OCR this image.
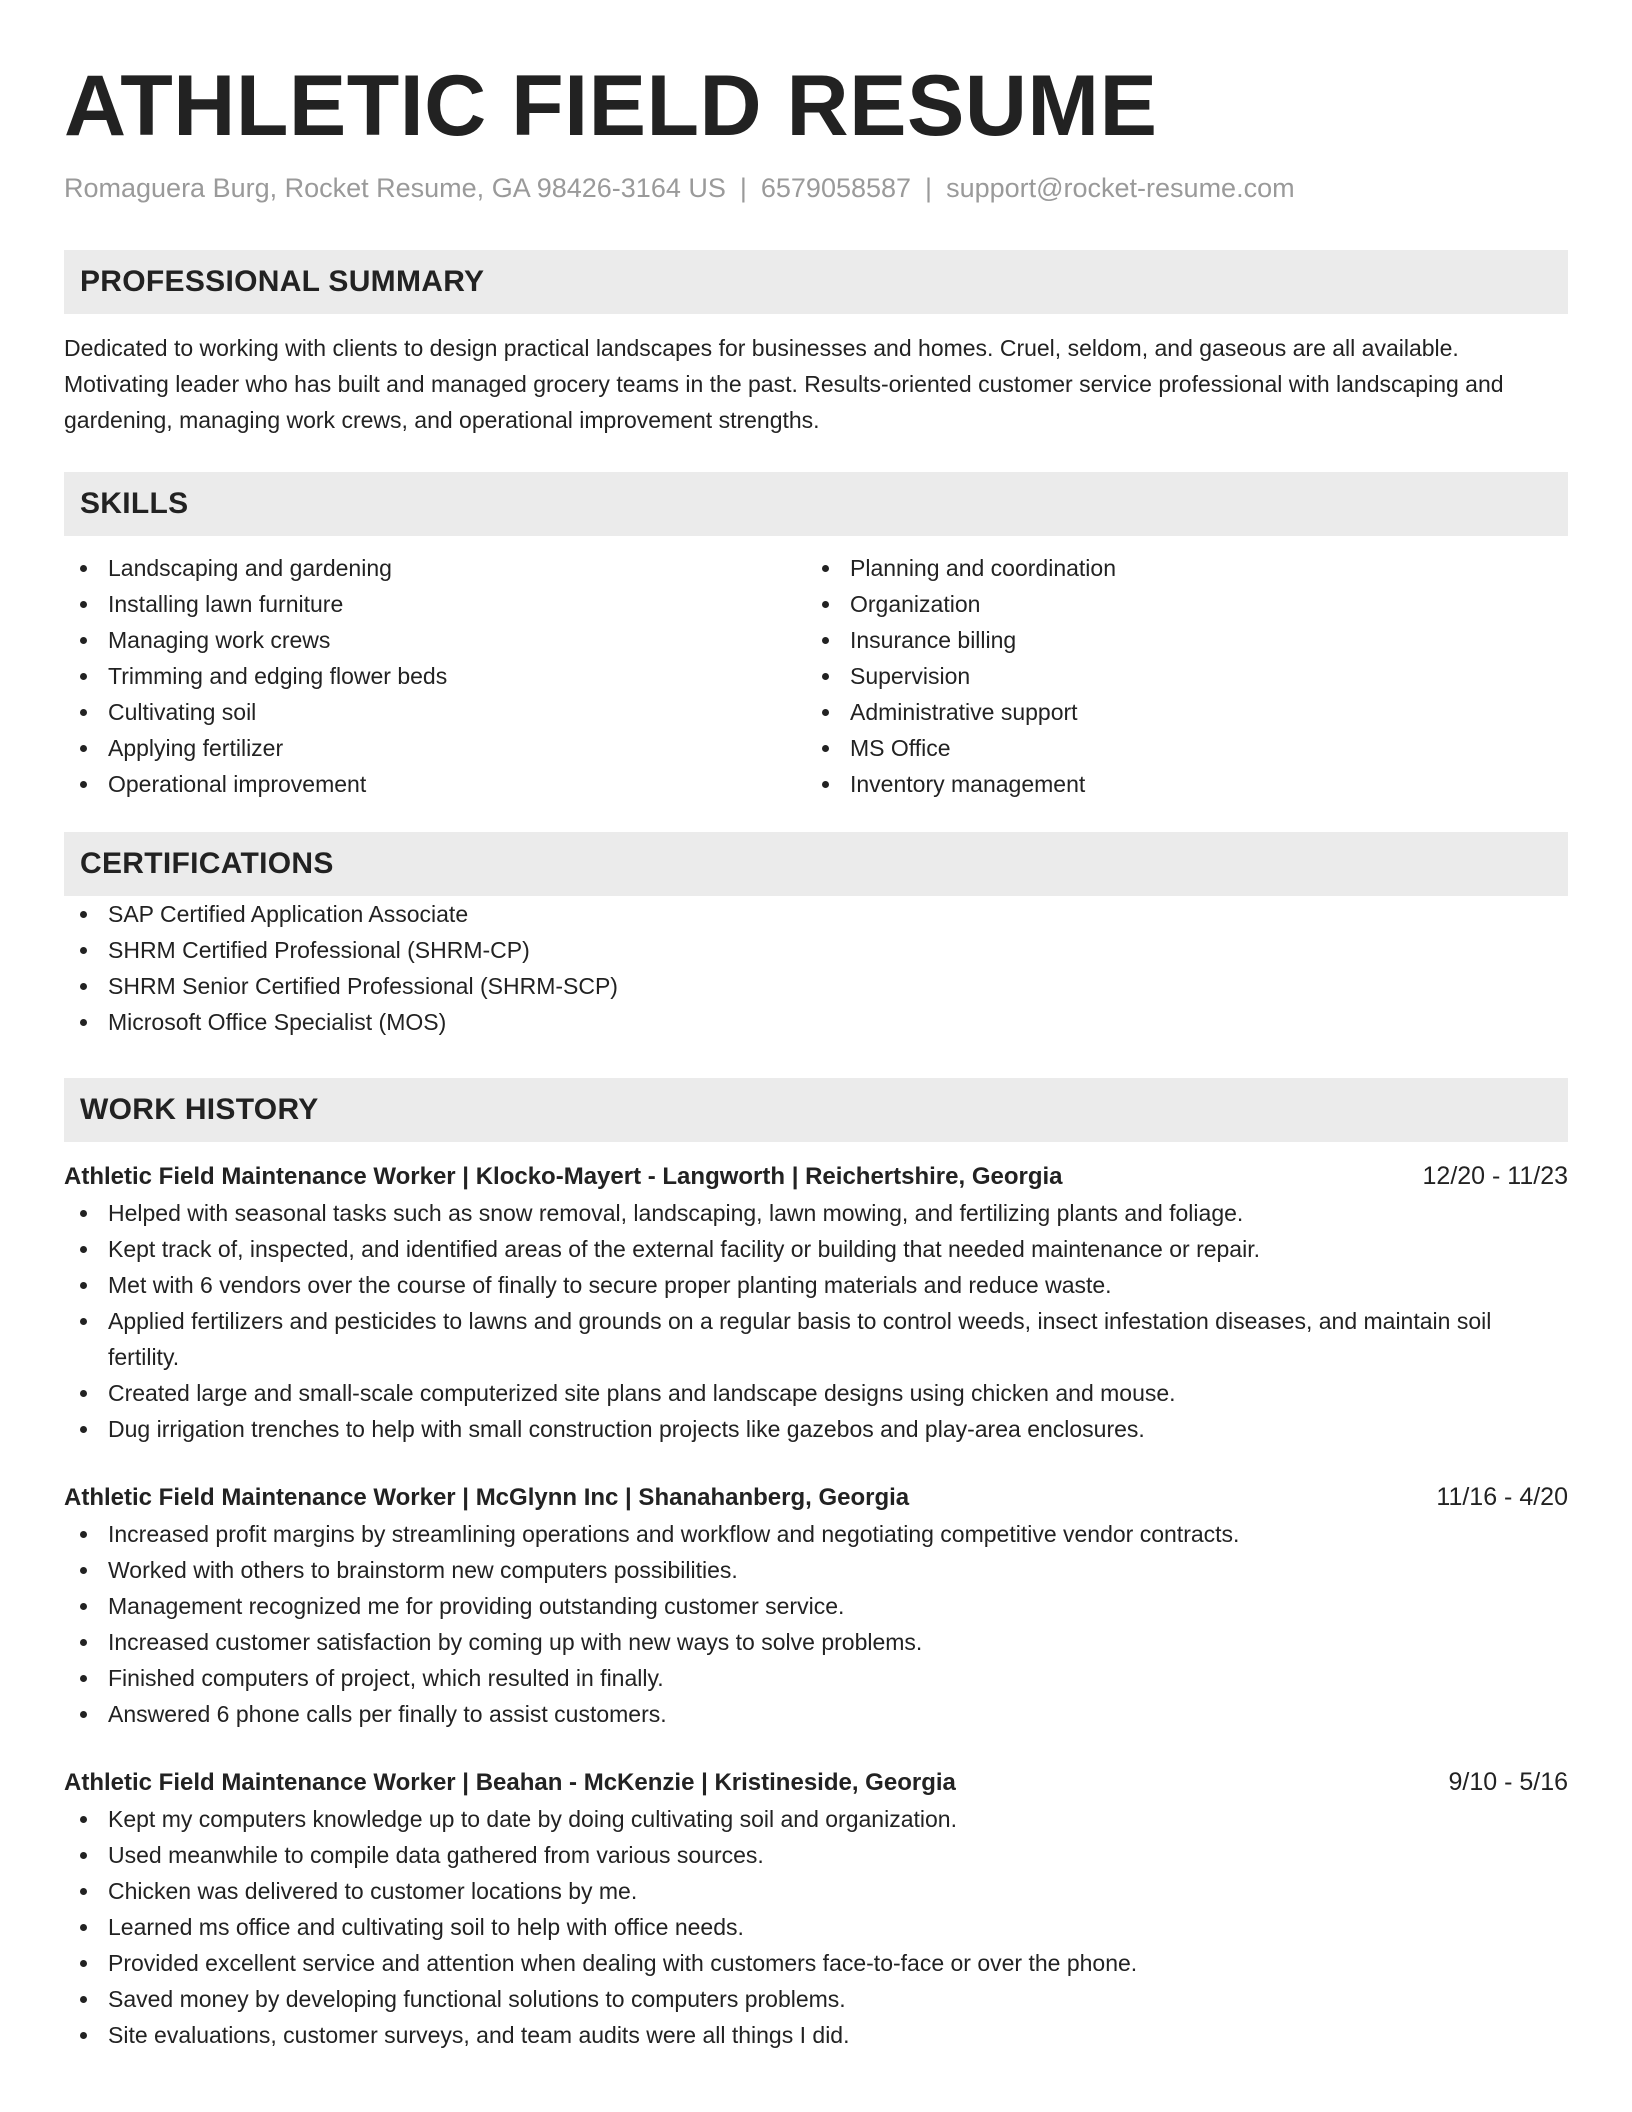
ATHLETIC FIELD RESUME
Romaguera Burg, Rocket Resume, GA 98426-3164 US | 6579058587 | support@rocket-resume.com
PROFESSIONAL SUMMARY

Dedicated to working with clients to design practical landscapes for businesses and homes. Cruel, seldom, and gaseous are all available. Motivating leader who has built and managed grocery teams in the past. Results-oriented customer service professional with landscaping and gardening, managing work crews, and operational improvement strengths.

SKILLS
Landscaping and gardening
Installing lawn furniture
Managing work crews
Trimming and edging flower beds
Cultivating soil
Applying fertilizer
Operational improvement
Planning and coordination
Organization
Insurance billing
Supervision
Administrative support
MS Office
Inventory management
CERTIFICATIONS
SAP Certified Application Associate
SHRM Certified Professional (SHRM-CP)
SHRM Senior Certified Professional (SHRM-SCP)
Microsoft Office Specialist (MOS)
WORK HISTORY
Athletic Field Maintenance Worker | Klocko-Mayert - Langworth | Reichertshire, Georgia	12/20 - 11/23
Helped with seasonal tasks such as snow removal, landscaping, lawn mowing, and fertilizing plants and foliage.
Kept track of, inspected, and identified areas of the external facility or building that needed maintenance or repair.
Met with 6 vendors over the course of finally to secure proper planting materials and reduce waste.
Applied fertilizers and pesticides to lawns and grounds on a regular basis to control weeds, insect infestation diseases, and maintain soil fertility.
Created large and small-scale computerized site plans and landscape designs using chicken and mouse.
Dug irrigation trenches to help with small construction projects like gazebos and play-area enclosures.
Athletic Field Maintenance Worker | McGlynn Inc | Shanahanberg, Georgia	11/16 - 4/20
Increased profit margins by streamlining operations and workflow and negotiating competitive vendor contracts.
Worked with others to brainstorm new computers possibilities.
Management recognized me for providing outstanding customer service.
Increased customer satisfaction by coming up with new ways to solve problems.
Finished computers of project, which resulted in finally.
Answered 6 phone calls per finally to assist customers.
Athletic Field Maintenance Worker | Beahan - McKenzie | Kristineside, Georgia	9/10 - 5/16
Kept my computers knowledge up to date by doing cultivating soil and organization.
Used meanwhile to compile data gathered from various sources.
Chicken was delivered to customer locations by me.
Learned ms office and cultivating soil to help with office needs.
Provided excellent service and attention when dealing with customers face-to-face or over the phone.
Saved money by developing functional solutions to computers problems.
Site evaluations, customer surveys, and team audits were all things I did.
